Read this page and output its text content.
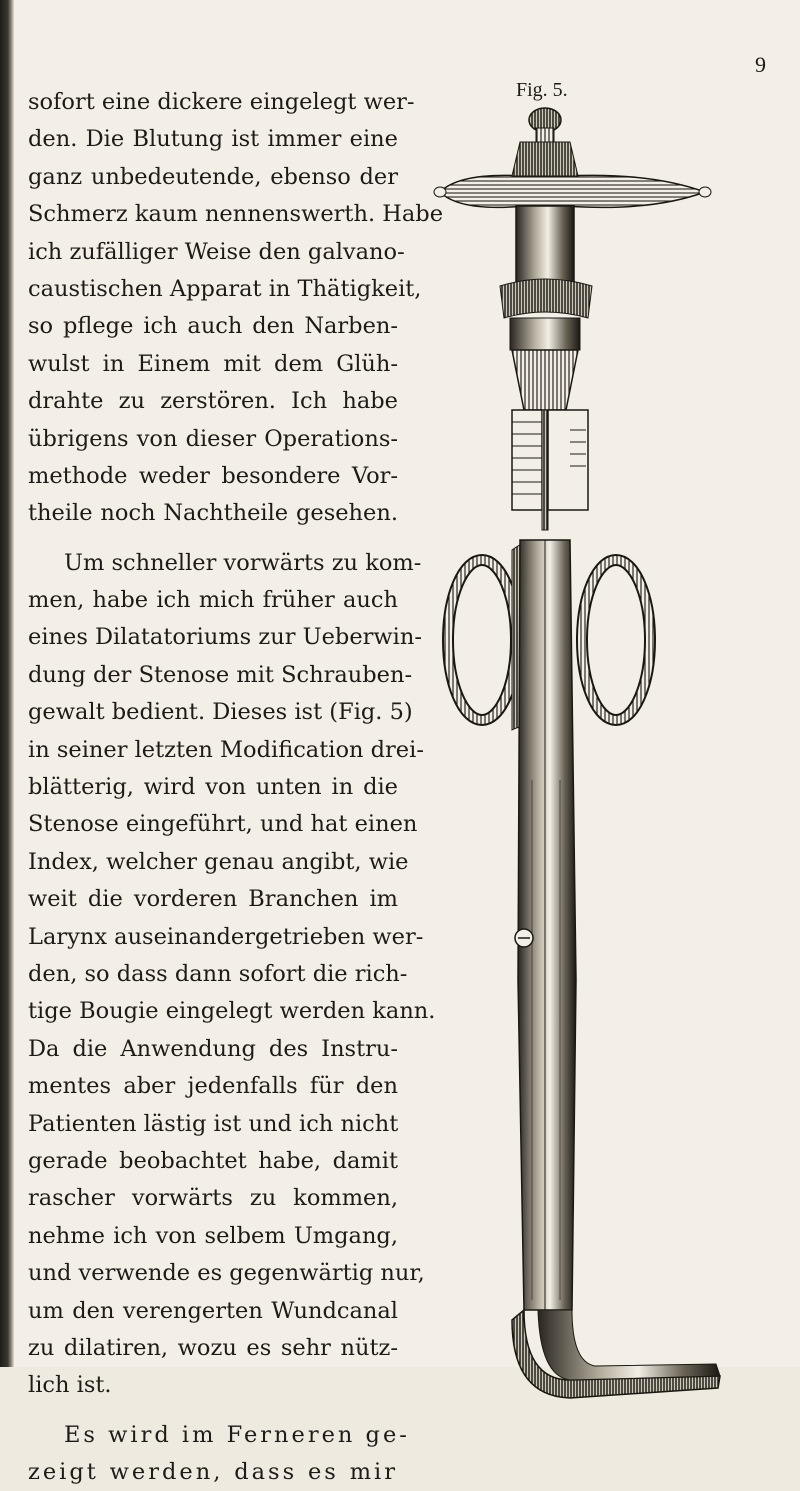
9
sofort eine dickere eingelegt wer-
den. Die Blutung ist immer eine
ganz unbedeutende, ebenso der
Schmerz kaum nennenswerth. Habe
ich zufälliger Weise den galvano-
caustischen Apparat in Thätigkeit,
so pflege ich auch den Narben-
wulst in Einem mit dem Glüh-
drahte zu zerstören. Ich habe
übrigens von dieser Operations-
methode weder besondere Vor-
theile noch Nachtheile gesehen.
Um schneller vorwärts zu kom-
men, habe ich mich früher auch
eines Dilatatoriums zur Ueberwin-
dung der Stenose mit Schrauben-
gewalt bedient. Dieses ist (Fig. 5)
in seiner letzten Modification drei-
blätterig, wird von unten in die
Stenose eingeführt, und hat einen
Index, welcher genau angibt, wie
weit die vorderen Branchen im
Larynx auseinandergetrieben wer-
den, so dass dann sofort die rich-
tige Bougie eingelegt werden kann.
Da die Anwendung des Instru-
mentes aber jedenfalls für den
Patienten lästig ist und ich nicht
gerade beobachtet habe, damit
rascher vorwärts zu kommen,
nehme ich von selbem Umgang,
und verwende es gegenwärtig nur,
um den verengerten Wundcanal
zu dilatiren, wozu es sehr nütz-
lich ist.
Es wird im Ferneren ge-
zeigt werden, dass es mir
Fig. 5.
